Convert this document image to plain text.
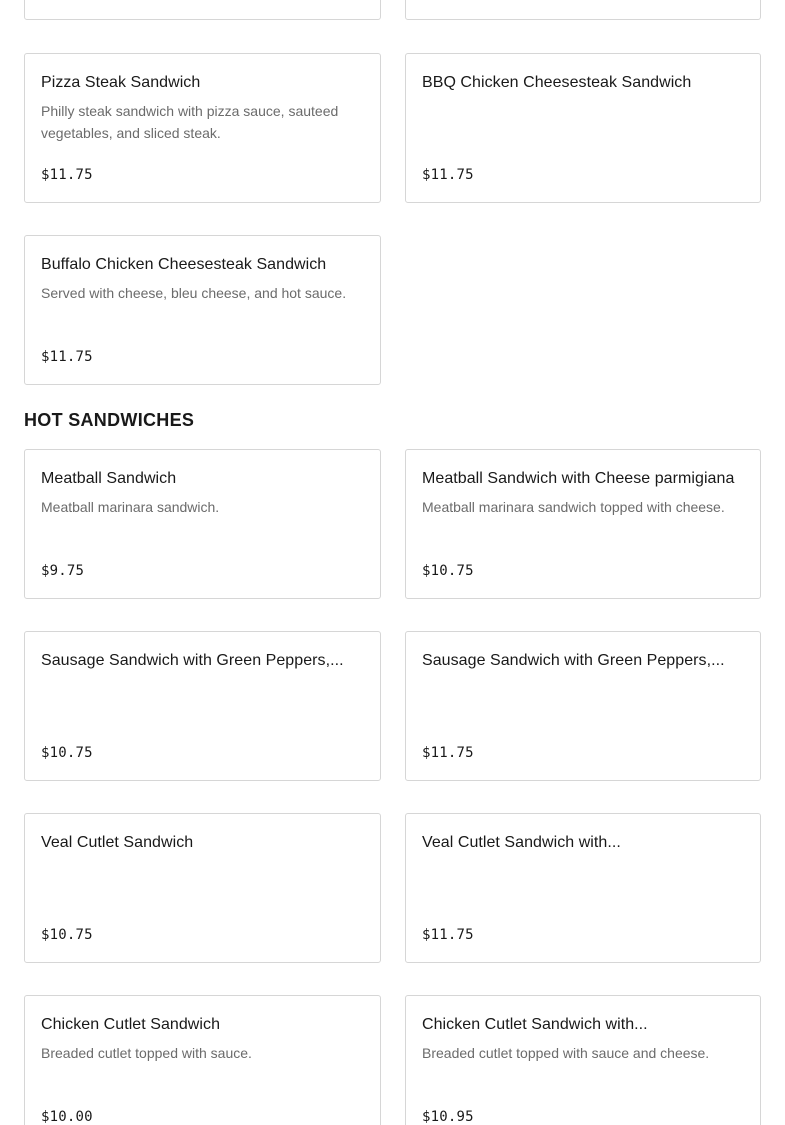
Pizza Steak Sandwich
Philly steak sandwich with pizza sauce, sauteed vegetables, and sliced steak.
$11.75
BBQ Chicken Cheesesteak Sandwich
$11.75
Buffalo Chicken Cheesesteak Sandwich
Served with cheese, bleu cheese, and hot sauce.
$11.75
HOT SANDWICHES
Meatball Sandwich
Meatball marinara sandwich.
$9.75
Meatball Sandwich with Cheese parmigiana
Meatball marinara sandwich topped with cheese.
$10.75
Sausage Sandwich with Green Peppers,...
$10.75
Sausage Sandwich with Green Peppers,...
$11.75
Veal Cutlet Sandwich
$10.75
Veal Cutlet Sandwich with...
$11.75
Chicken Cutlet Sandwich
Breaded cutlet topped with sauce.
$10.00
Chicken Cutlet Sandwich with...
Breaded cutlet topped with sauce and cheese.
$10.95
